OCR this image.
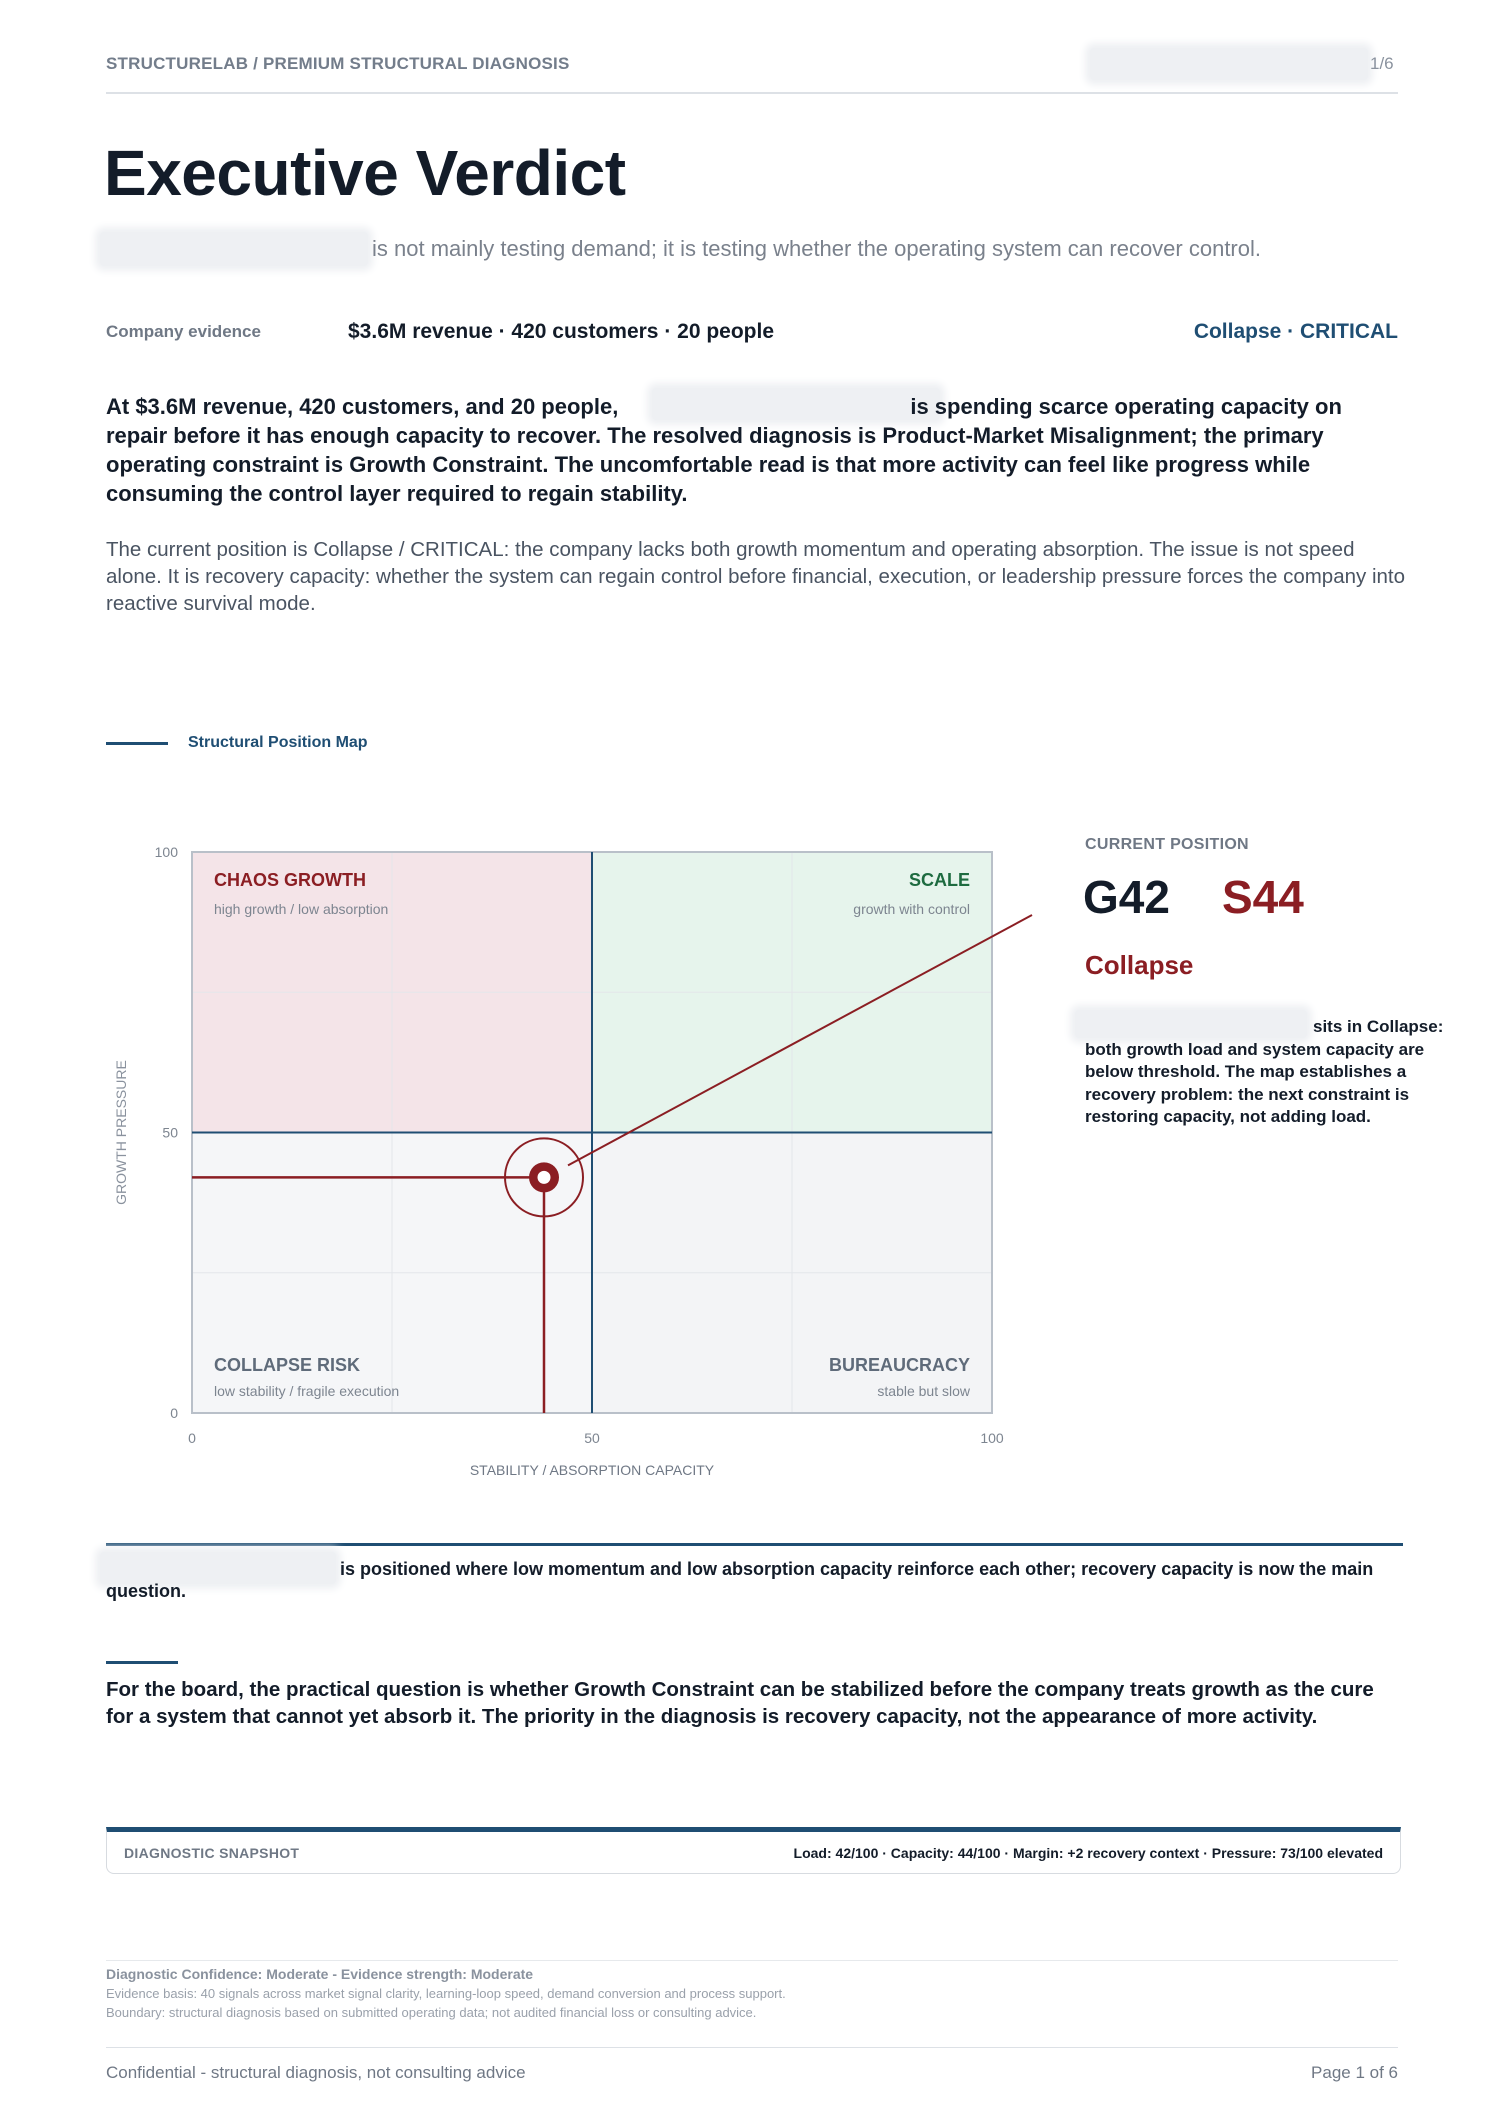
STRUCTURELAB / PREMIUM STRUCTURAL DIAGNOSIS	1/6
Executive Verdict
is not mainly testing demand; it is testing whether the operating system can recover control.
Company evidence	$3.6M revenue · 420 customers · 20 people	Collapse · CRITICAL
At $3.6M revenue, 420 customers, and 20 people,	is spending scarce operating capacity on repair before it has enough capacity to recover. The resolved diagnosis is Product-Market Misalignment; the primary operating constraint is Growth Constraint. The uncomfortable read is that more activity can feel like progress while consuming the control layer required to regain stability.
The current position is Collapse / CRITICAL: the company lacks both growth momentum and operating absorption. The issue is not speed alone. It is recovery capacity: whether the system can regain control before financial, execution, or leadership pressure forces the company into reactive survival mode.
Structural Position Map
CHAOS GROWTH
high growth / low absorption
SCALE
growth with control
COLLAPSE RISK
low stability / fragile execution
BUREAUCRACY
stable but slow
0	50	100
0
50
100
STABILITY / ABSORPTION CAPACITY
GROWTH PRESSURE
CURRENT POSITION
G42 S44
Collapse
sits in Collapse: both growth load and system capacity are below threshold. The map establishes a recovery problem: the next constraint is restoring capacity, not adding load.
is positioned where low momentum and low absorption capacity reinforce each other; recovery capacity is now the main question.
For the board, the practical question is whether Growth Constraint can be stabilized before the company treats growth as the cure for a system that cannot yet absorb it. The priority in the diagnosis is recovery capacity, not the appearance of more activity.
DIAGNOSTIC SNAPSHOT	Load: 42/100 · Capacity: 44/100 · Margin: +2 recovery context · Pressure: 73/100 elevated
Diagnostic Confidence: Moderate - Evidence strength: Moderate
Evidence basis: 40 signals across market signal clarity, learning-loop speed, demand conversion and process support.
Boundary: structural diagnosis based on submitted operating data; not audited financial loss or consulting advice.
Confidential - structural diagnosis, not consulting advice	Page 1 of 6
